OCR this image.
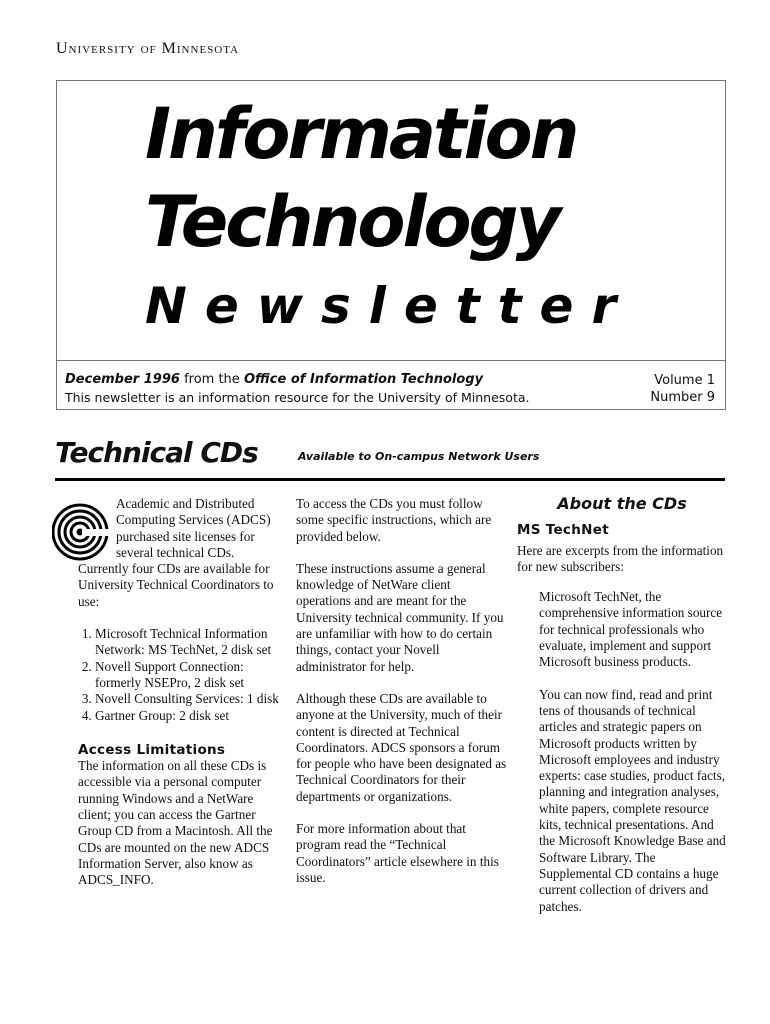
University of Minnesota
Information
Technology
Newsletter
December 1996 from the Office of Information Technology
This newsletter is an information resource for the University of Minnesota.
Volume 1
Number 9
Technical CDs	Available to On-campus Network Users

Academic and Distributed Computing Services (ADCS) purchased site licenses for several technical CDs. Currently four CDs are available for University Technical Coordinators to use:

1. Microsoft Technical Information Network: MS TechNet, 2 disk set
2. Novell Support Connection: formerly NSEPro, 2 disk set
3. Novell Consulting Services: 1 disk
4. Gartner Group: 2 disk set
Access Limitations

The information on all these CDs is accessible via a personal computer running Windows and a NetWare client; you can access the Gartner Group CD from a Macintosh. All the CDs are mounted on the new ADCS Information Server, also know as ADCS_INFO.

To access the CDs you must follow some specific instructions, which are provided below.

These instructions assume a general knowledge of NetWare client operations and are meant for the University technical community. If you are unfamiliar with how to do certain things, contact your Novell administrator for help.

Although these CDs are available to anyone at the University, much of their content is directed at Technical Coordinators. ADCS sponsors a forum for people who have been designated as Technical Coordinators for their departments or organizations.

For more information about that program read the “Technical Coordinators” article elsewhere in this issue.

About the CDs
MS TechNet

Here are excerpts from the information for new subscribers:

Microsoft TechNet, the comprehensive information source for technical professionals who evaluate, implement and support Microsoft business products.

You can now find, read and print tens of thousands of technical articles and strategic papers on Microsoft products written by Microsoft employees and industry experts: case studies, product facts, planning and integration analyses, white papers, complete resource kits, technical presentations. And the Microsoft Knowledge Base and Software Library. The Supplemental CD contains a huge current collection of drivers and patches.
